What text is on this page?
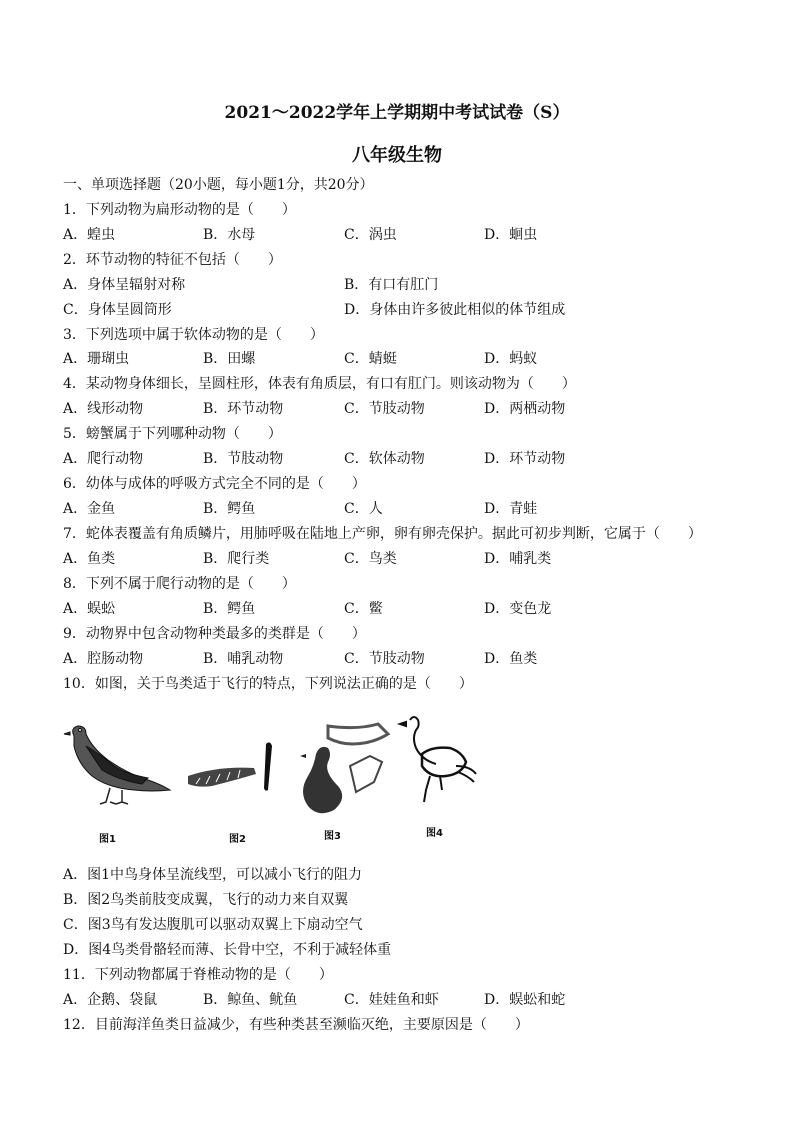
2021～2022学年上学期期中考试试卷（S）
八年级生物
一、单项选择题（20小题，每小题1分，共20分）
1．下列动物为扁形动物的是（　　）
A．蝗虫	B．水母	C．涡虫	D．蛔虫
2．环节动物的特征不包括（　　）
A．身体呈辐射对称	B．有口有肛门
C．身体呈圆筒形	D．身体由许多彼此相似的体节组成
3．下列选项中属于软体动物的是（　　）
A．珊瑚虫	B．田螺	C．蜻蜓	D．蚂蚁
4．某动物身体细长，呈圆柱形，体表有角质层，有口有肛门。则该动物为（　　）
A．线形动物	B．环节动物	C．节肢动物	D．两栖动物
5．螃蟹属于下列哪种动物（　　）
A．爬行动物	B．节肢动物	C．软体动物	D．环节动物
6．幼体与成体的呼吸方式完全不同的是（　　）
A．金鱼	B．鳄鱼	C．人	D．青蛙
7．蛇体表覆盖有角质鳞片，用肺呼吸在陆地上产卵，卵有卵壳保护。据此可初步判断，它属于（　　）
A．鱼类	B．爬行类	C．鸟类	D．哺乳类
8．下列不属于爬行动物的是（　　）
A．蜈蚣	B．鳄鱼	C．鳖	D．变色龙
9．动物界中包含动物种类最多的类群是（　　）
A．腔肠动物	B．哺乳动物	C．节肢动物	D．鱼类
10．如图，关于鸟类适于飞行的特点，下列说法正确的是（　　）
图1	图2	图3	图4
A．图1中鸟身体呈流线型，可以减小飞行的阻力
B．图2鸟类前肢变成翼，飞行的动力来自双翼
C．图3鸟有发达腹肌可以驱动双翼上下扇动空气
D．图4鸟类骨骼轻而薄、长骨中空，不利于减轻体重
11．下列动物都属于脊椎动物的是（　　）
A．企鹅、袋鼠	B．鲸鱼、鱿鱼	C．娃娃鱼和虾	D．蜈蚣和蛇
12．目前海洋鱼类日益减少，有些种类甚至濒临灭绝，主要原因是（　　）
